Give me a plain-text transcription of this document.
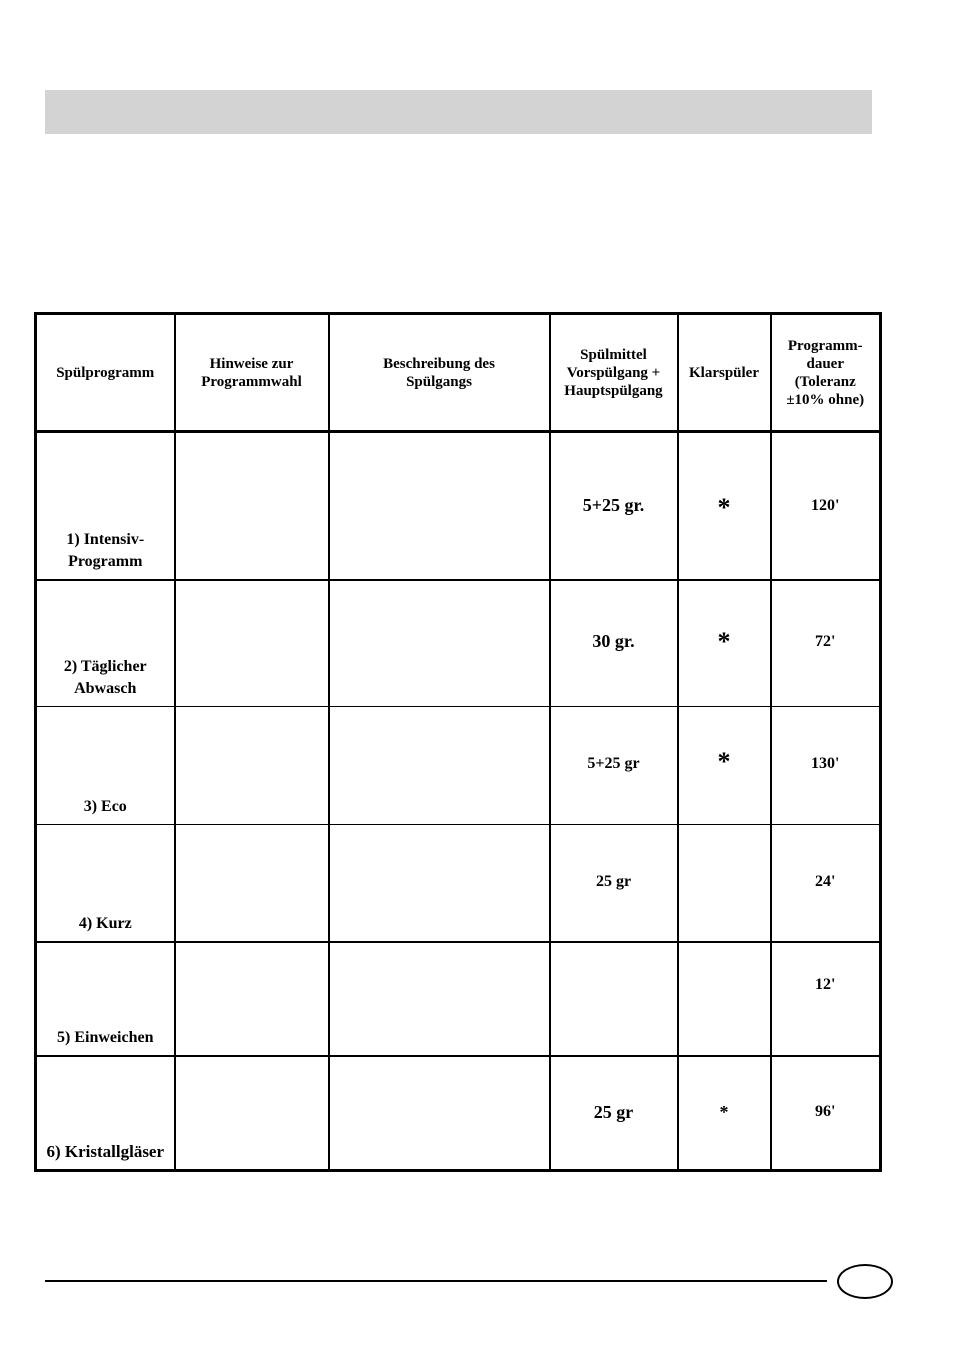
Spülprogramm	Hinweise zur Programmwahl	Beschreibung des Spülgangs	Spülmittel Vorspülgang + Hauptspülgang	Klarspüler	Programm-dauer (Toleranz ±10% ohne)
1) Intensiv-Programm			5+25 gr.	*	120'

2) Täglicher Abwasch			30 gr.	*	72'

3) Eco			5+25 gr	*	130'

4) Kurz			25 gr		24'

5) Einweichen					12'

6) Kristallgläser			25 gr	*	96'
